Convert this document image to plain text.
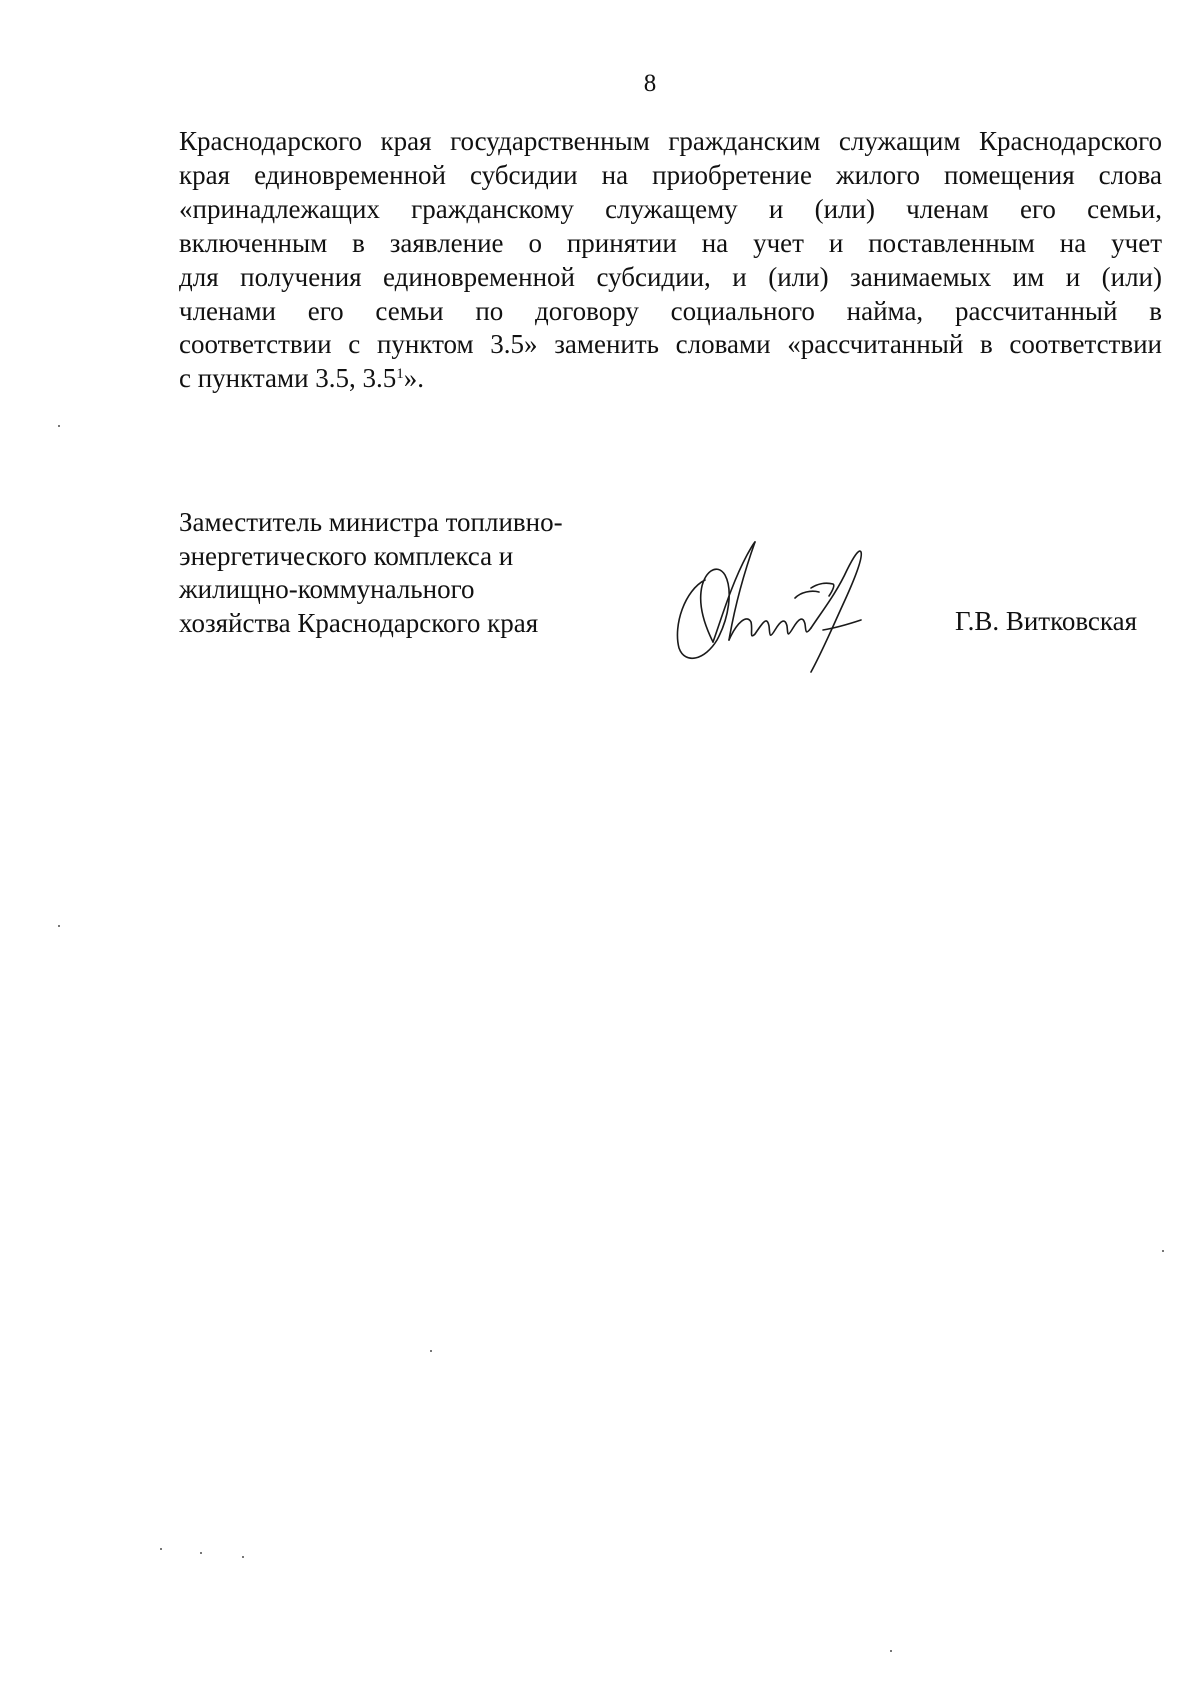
8
Краснодарского края государственным гражданским служащим Краснодарского
края единовременной субсидии на приобретение жилого помещения слова
«принадлежащих гражданскому служащему и (или) членам его семьи,
включенным в заявление о принятии на учет и поставленным на учет
для получения единовременной субсидии, и (или) занимаемых им и (или)
членами его семьи по договору социального найма, рассчитанный в
соответствии с пунктом 3.5» заменить словами «рассчитанный в соответствии
с пунктами 3.5, $3.5^1$».
Заместитель министра топливно-
энергетического комплекса и
жилищно-коммунального
хозяйства Краснодарского края	Г.В. Витковская
